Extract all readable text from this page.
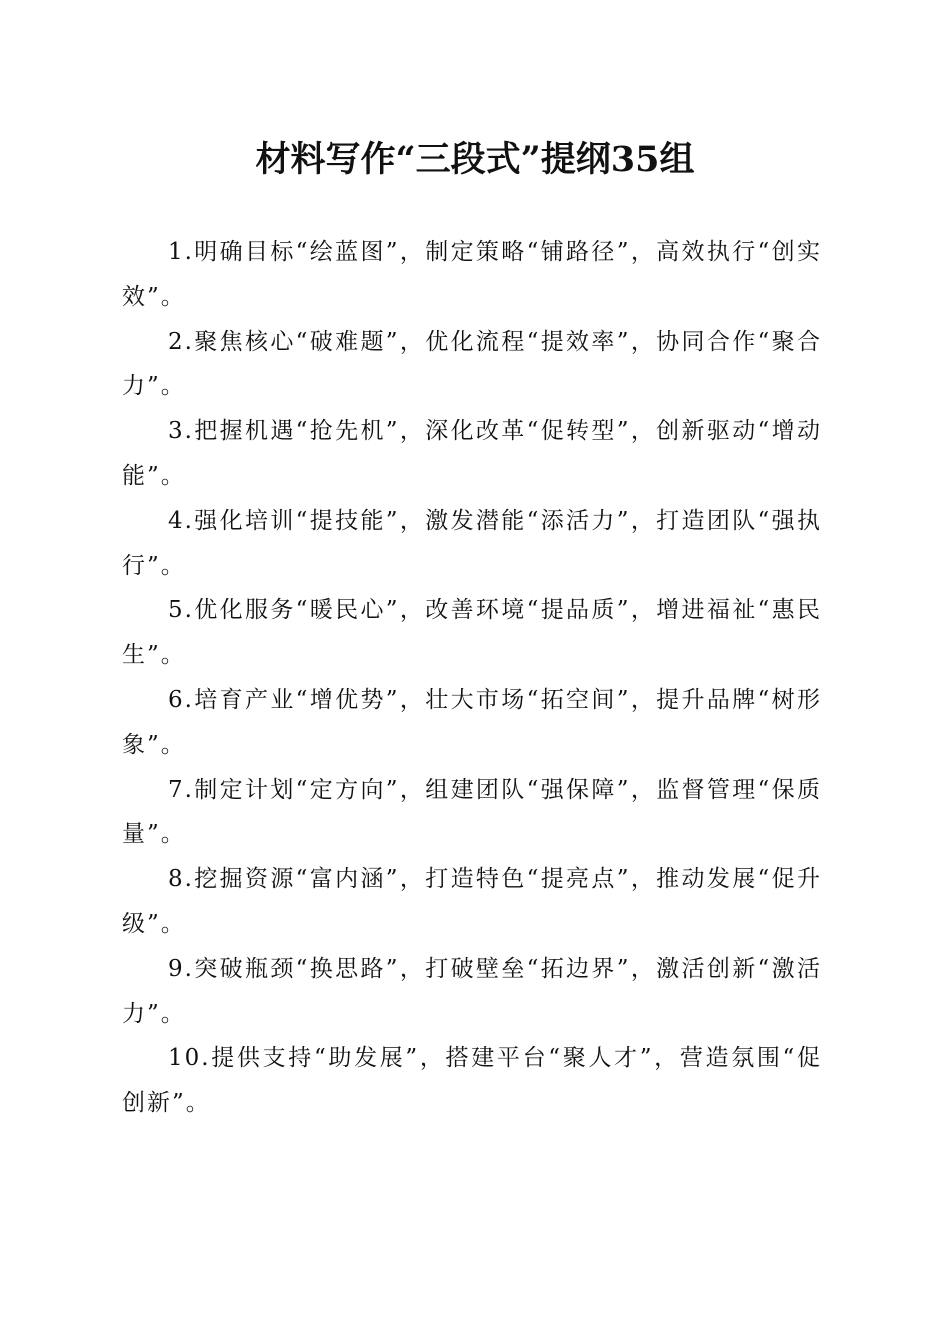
材料写作“三段式”提纲35组

1.明确目标“绘蓝图”，制定策略“铺路径”，高效执行“创实效”。

2.聚焦核心“破难题”，优化流程“提效率”，协同合作“聚合力”。

3.把握机遇“抢先机”，深化改革“促转型”，创新驱动“增动能”。

4.强化培训“提技能”，激发潜能“添活力”，打造团队“强执行”。

5.优化服务“暖民心”，改善环境“提品质”，增进福祉“惠民生”。

6.培育产业“增优势”，壮大市场“拓空间”，提升品牌“树形象”。

7.制定计划“定方向”，组建团队“强保障”，监督管理“保质量”。

8.挖掘资源“富内涵”，打造特色“提亮点”，推动发展“促升级”。

9.突破瓶颈“换思路”，打破壁垒“拓边界”，激活创新“激活力”。

10.提供支持“助发展”，搭建平台“聚人才”，营造氛围“促创新”。
